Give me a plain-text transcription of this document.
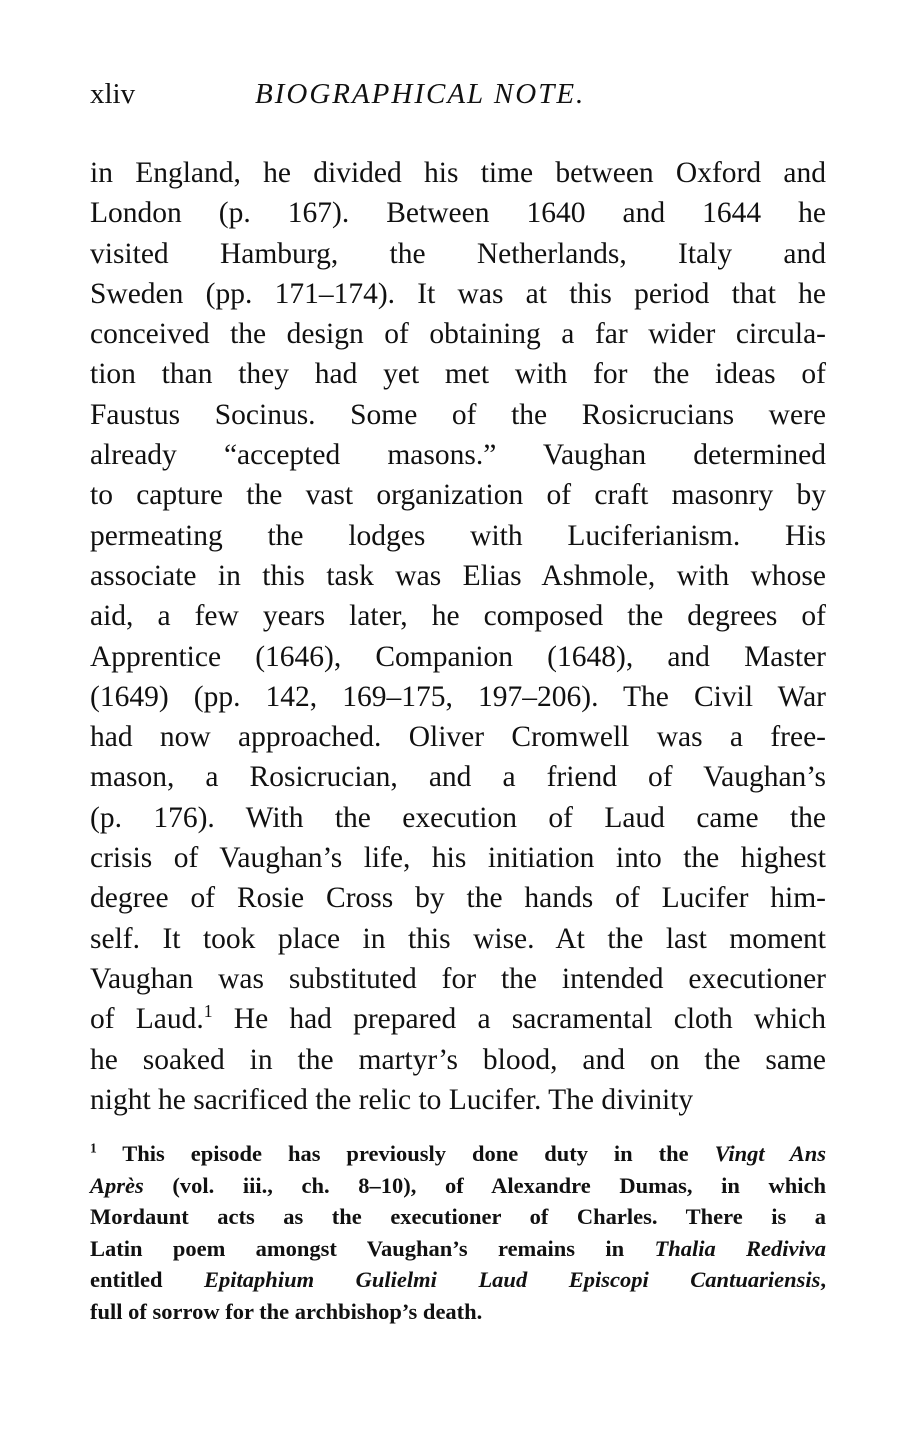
xliv	BIOGRAPHICAL NOTE.
in England, he divided his time between Oxford and
London (p. 167). Between 1640 and 1644 he
visited Hamburg, the Netherlands, Italy and
Sweden (pp. 171–174). It was at this period that he
conceived the design of obtaining a far wider circula-
tion than they had yet met with for the ideas of
Faustus Socinus. Some of the Rosicrucians were
already “accepted masons.” Vaughan determined
to capture the vast organization of craft masonry by
permeating the lodges with Luciferianism. His
associate in this task was Elias Ashmole, with whose
aid, a few years later, he composed the degrees of
Apprentice (1646), Companion (1648), and Master
(1649) (pp. 142, 169–175, 197–206). The Civil War
had now approached. Oliver Cromwell was a free-
mason, a Rosicrucian, and a friend of Vaughan’s
(p. 176). With the execution of Laud came the
crisis of Vaughan’s life, his initiation into the highest
degree of Rosie Cross by the hands of Lucifer him-
self. It took place in this wise. At the last moment
Vaughan was substituted for the intended executioner
of Laud.$^1$ He had prepared a sacramental cloth which
he soaked in the martyr’s blood, and on the same
night he sacrificed the relic to Lucifer. The divinity
$^1$ This episode has previously done duty in the Vingt Ans
Après (vol. iii., ch. 8–10), of Alexandre Dumas, in which
Mordaunt acts as the executioner of Charles. There is a
Latin poem amongst Vaughan’s remains in Thalia Rediviva
entitled Epitaphium Gulielmi Laud Episcopi Cantuariensis,
full of sorrow for the archbishop’s death.
